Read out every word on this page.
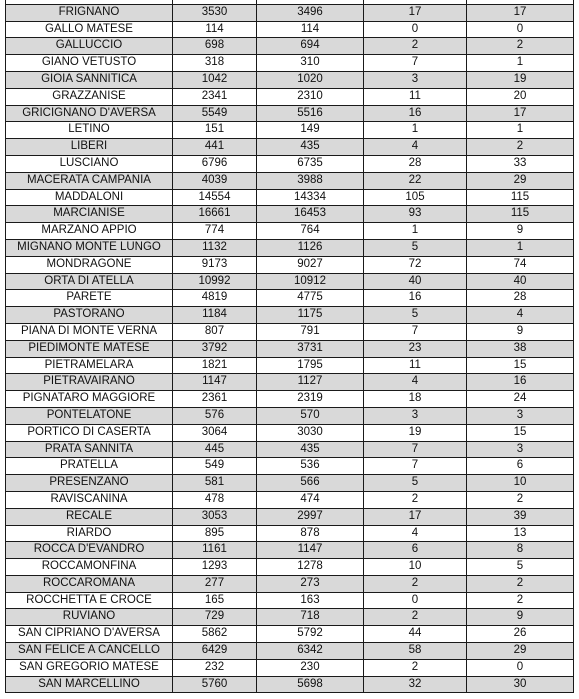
FRIGNANO	3530	3496	17	17
GALLO MATESE	114	114	0	0
GALLUCCIO	698	694	2	2
GIANO VETUSTO	318	310	7	1
GIOIA SANNITICA	1042	1020	3	19
GRAZZANISE	2341	2310	11	20
GRICIGNANO D'AVERSA	5549	5516	16	17
LETINO	151	149	1	1
LIBERI	441	435	4	2
LUSCIANO	6796	6735	28	33
MACERATA CAMPANIA	4039	3988	22	29
MADDALONI	14554	14334	105	115
MARCIANISE	16661	16453	93	115
MARZANO APPIO	774	764	1	9
MIGNANO MONTE LUNGO	1132	1126	5	1
MONDRAGONE	9173	9027	72	74
ORTA DI ATELLA	10992	10912	40	40
PARETE	4819	4775	16	28
PASTORANO	1184	1175	5	4
PIANA DI MONTE VERNA	807	791	7	9
PIEDIMONTE MATESE	3792	3731	23	38
PIETRAMELARA	1821	1795	11	15
PIETRAVAIRANO	1147	1127	4	16
PIGNATARO MAGGIORE	2361	2319	18	24
PONTELATONE	576	570	3	3
PORTICO DI CASERTA	3064	3030	19	15
PRATA SANNITA	445	435	7	3
PRATELLA	549	536	7	6
PRESENZANO	581	566	5	10
RAVISCANINA	478	474	2	2
RECALE	3053	2997	17	39
RIARDO	895	878	4	13
ROCCA D'EVANDRO	1161	1147	6	8
ROCCAMONFINA	1293	1278	10	5
ROCCAROMANA	277	273	2	2
ROCCHETTA E CROCE	165	163	0	2
RUVIANO	729	718	2	9
SAN CIPRIANO D'AVERSA	5862	5792	44	26
SAN FELICE A CANCELLO	6429	6342	58	29
SAN GREGORIO MATESE	232	230	2	0
SAN MARCELLINO	5760	5698	32	30
